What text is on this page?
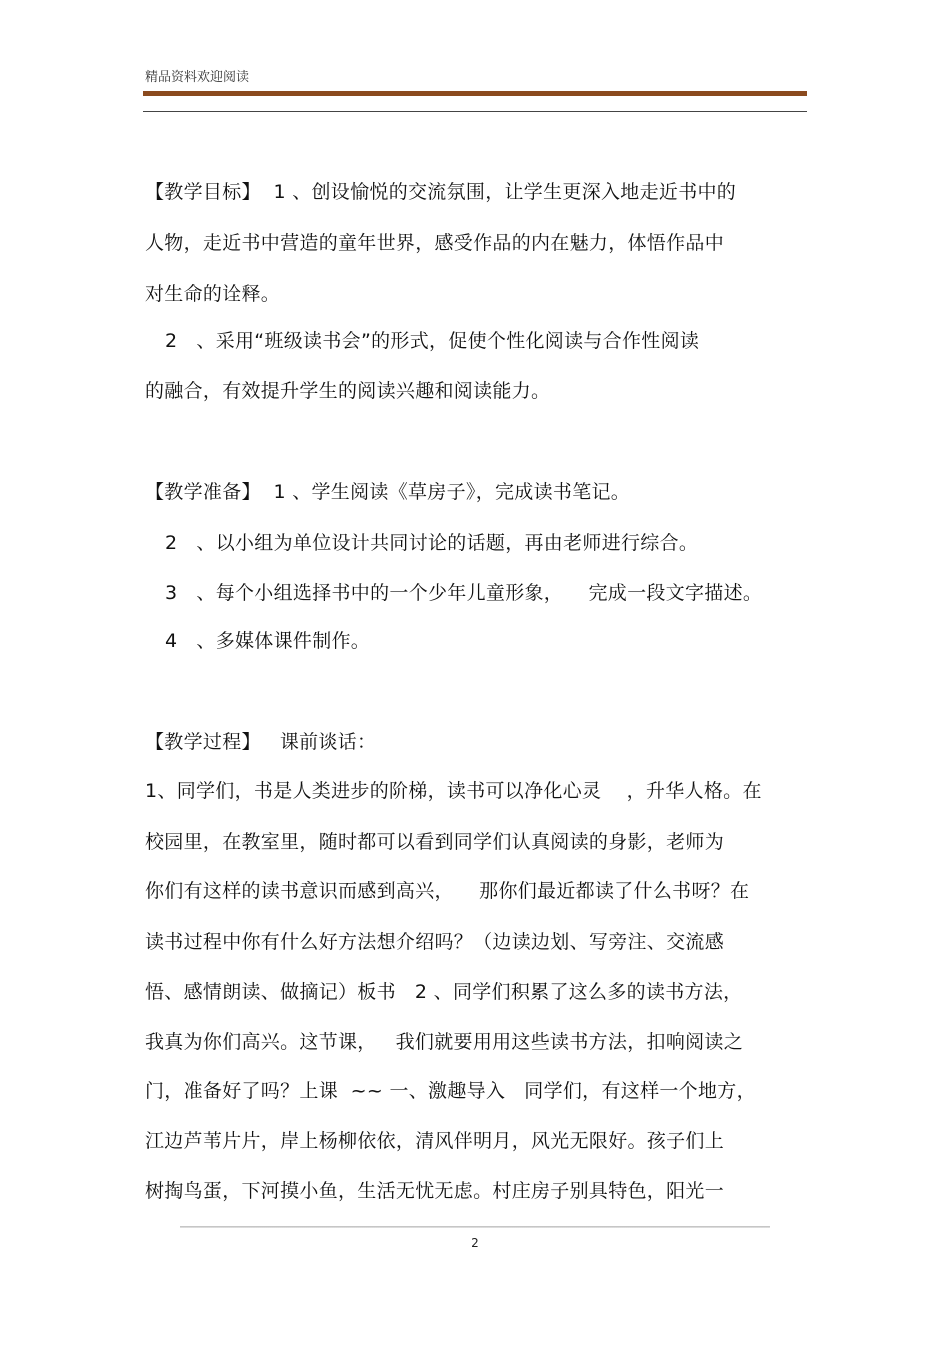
精品资料欢迎阅读
【教学目标】  1 、创设愉悦的交流氛围，让学生更深入地走近书中的
人物，走近书中营造的童年世界，感受作品的内在魅力，体悟作品中
对生命的诠释。
2   、采用“班级读书会”的形式，促使个性化阅读与合作性阅读
的融合，有效提升学生的阅读兴趣和阅读能力。
【教学准备】  1 、学生阅读《草房子》，完成读书笔记。
2   、以小组为单位设计共同讨论的话题，再由老师进行综合。
3   、每个小组选择书中的一个少年儿童形象，    完成一段文字描述。
4   、多媒体课件制作。
【教学过程】   课前谈话：
1、同学们，书是人类进步的阶梯，读书可以净化心灵    ，升华人格。在
校园里，在教室里，随时都可以看到同学们认真阅读的身影，老师为
你们有这样的读书意识而感到高兴，    那你们最近都读了什么书呀？在
读书过程中你有什么好方法想介绍吗？（边读边划、写旁注、交流感
悟、感情朗读、做摘记）板书   2 、同学们积累了这么多的读书方法，
我真为你们高兴。这节课，   我们就要用用这些读书方法，扣响阅读之
门，准备好了吗？上课  ~~ 一、激趣导入   同学们，有这样一个地方，
江边芦苇片片，岸上杨柳依依，清风伴明月，风光无限好。孩子们上
树掏鸟蛋，下河摸小鱼，生活无忧无虑。村庄房子别具特色，阳光一
2
